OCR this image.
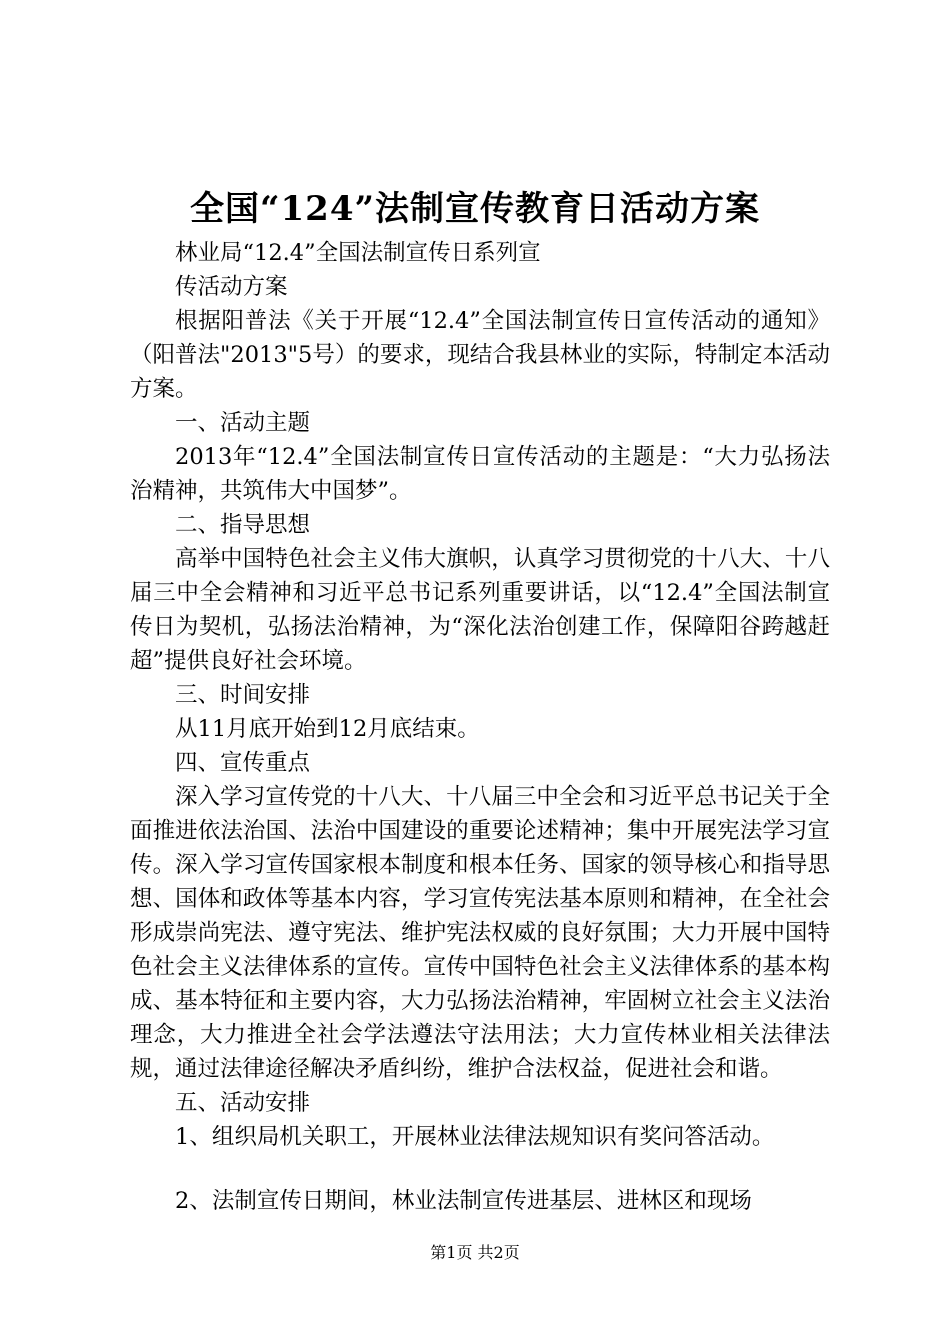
全国“124”法制宣传教育日活动方案

林业局“12.4”全国法制宣传日系列宣

传活动方案

根据阳普法《关于开展“12.4”全国法制宣传日宣传活动的通知》（阳普法"2013"5号）的要求，现结合我县林业的实际，特制定本活动方案。

一、活动主题

2013年“12.4”全国法制宣传日宣传活动的主题是：“大力弘扬法治精神，共筑伟大中国梦”。

二、指导思想

高举中国特色社会主义伟大旗帜，认真学习贯彻党的十八大、十八届三中全会精神和习近平总书记系列重要讲话，以“12.4”全国法制宣传日为契机，弘扬法治精神，为“深化法治创建工作，保障阳谷跨越赶超”提供良好社会环境。

三、时间安排

从11月底开始到12月底结束。

四、宣传重点

深入学习宣传党的十八大、十八届三中全会和习近平总书记关于全面推进依法治国、法治中国建设的重要论述精神；集中开展宪法学习宣传。深入学习宣传国家根本制度和根本任务、国家的领导核心和指导思想、国体和政体等基本内容，学习宣传宪法基本原则和精神，在全社会形成崇尚宪法、遵守宪法、维护宪法权威的良好氛围；大力开展中国特色社会主义法律体系的宣传。宣传中国特色社会主义法律体系的基本构成、基本特征和主要内容，大力弘扬法治精神，牢固树立社会主义法治理念，大力推进全社会学法遵法守法用法；大力宣传林业相关法律法规，通过法律途径解决矛盾纠纷，维护合法权益，促进社会和谐。

五、活动安排

1、组织局机关职工，开展林业法律法规知识有奖问答活动。

2、法制宣传日期间，林业法制宣传进基层、进林区和现场

第1页 共2页
